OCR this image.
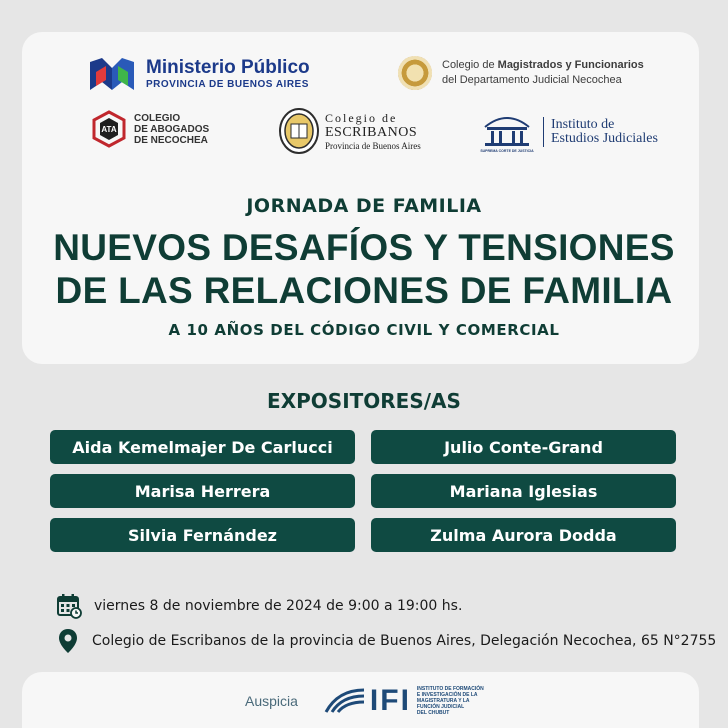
Ministerio Público
PROVINCIA DE BUENOS AIRES
Colegio de Magistrados y Funcionarios
del Departamento Judicial Necochea
ATA
COLEGIO
DE ABOGADOS
DE NECOCHEA
Colegio de
ESCRIBANOS
Provincia de Buenos Aires
SUPREMA CORTE DE JUSTICIA
Instituto de
Estudios Judiciales
JORNADA DE FAMILIA
NUEVOS DESAFÍOS Y TENSIONES
DE LAS RELACIONES DE FAMILIA
A 10 AÑOS DEL CÓDIGO CIVIL Y COMERCIAL
EXPOSITORES/AS
Aida Kemelmajer De Carlucci	Julio Conte-Grand
Marisa Herrera	Mariana Iglesias
Silvia Fernández	Zulma Aurora Dodda
viernes 8 de noviembre de 2024 de 9:00 a 19:00 hs.
Colegio de Escribanos de la provincia de Buenos Aires, Delegación Necochea, 65 N°2755
Auspicia IFI INSTITUTO DE FORMACIÓN
E INVESTIGACIÓN DE LA
MAGISTRATURA Y LA
FUNCIÓN JUDICIAL
DEL CHUBUT
